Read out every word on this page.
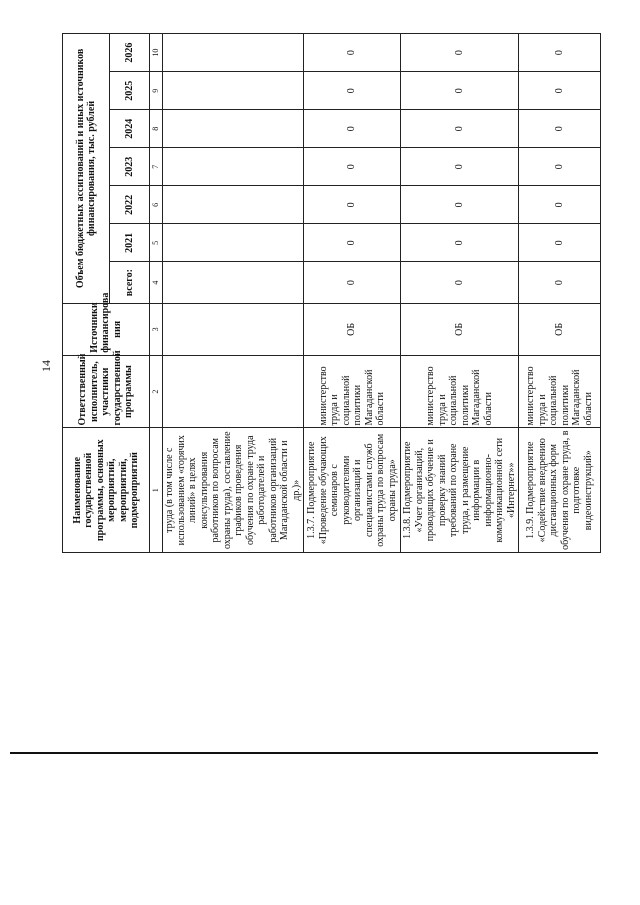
14
Наименование государственной программы, основных мероприятий, мероприятий, подмероприятий	Ответственный исполнитель, участники государственной программы	Источники финансирова ния	Объем бюджетных ассигнований и иных источников финансирования, тыс. рублей						
			всего:	2021	2022	2023	2024	2025	2026
1	2	3	4	5	6	7	8	9	10
труда (в том числе с использованием «горячих линий» в целях консультирования работников по вопросам охраны труда), составление графиков проведения обучения по охране труда работодателей и работников организаций Магаданской области и др.)»									
1.3.7. Подмероприятие «Проведение обучающих семинаров с руководителями организаций и специалистами служб охраны труда по вопросам охраны труда»	министерство труда и социальной политики Магаданской области	ОБ	0	0	0	0	0	0	0
1.3.8. Подмероприятие «Учет организаций, проводящих обучение и проверку знаний требований по охране труда, и размещение информации в информационно-коммуникационной сети «Интернет»»	министерство труда и социальной политики Магаданской области	ОБ	0	0	0	0	0	0	0
1.3.9. Подмероприятие «Содействие внедрению дистанционных форм обучения по охране труда, в подготовке видеоинструкций»	министерство труда и социальной политики Магаданской области	ОБ	0	0	0	0	0	0	0
